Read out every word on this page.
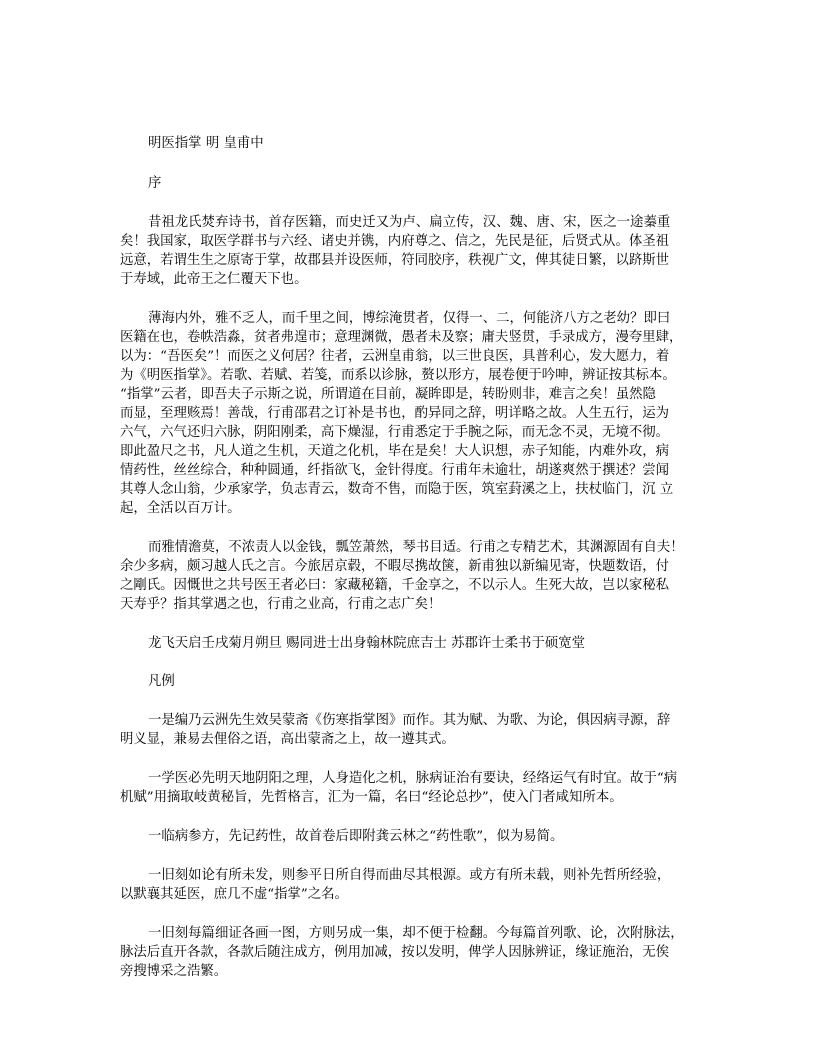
明医指掌 明 皇甫中

序

昔祖龙氏焚弃诗书，首存医籍，而史迁又为卢、扁立传，汉、魏、唐、宋，医之一途蓁重
矣！我国家，取医学群书与六经、诸史并镌，内府尊之、信之，先民是征，后贤式从。体圣祖
远意，若谓生生之原寄于掌，故郡县并设医师，符同胶序，秩视广文，俾其徒日繁，以跻斯世
于寿域，此帝王之仁覆天下也。
薄海内外，雅不乏人，而千里之间，博综淹贯者，仅得一、二，何能济八方之老幼？即曰
医籍在也，卷帙浩淼，贫者弗遑市；意理渊微，愚者未及察；庸夫竖贯，手录成方，漫夸里肆，
以为：“吾医矣”！而医之义何居？往者，云洲皇甫翁，以三世良医，具普利心，发大愿力，着
为《明医指掌》。若歌、若赋、若笺，而系以诊脉，赘以形方，展卷便于吟呻，辨证按其标本。
“指掌”云者，即吾夫子示斯之说，所谓道在目前，凝眸即是，转盼则非，难言之矣！虽然隐
而显，至理赅焉！善哉，行甫邵君之订补是书也，酌异同之辞，明详略之故。人生五行，运为
六气，六气还归六脉，阴阳刚柔，高下燥湿，行甫悉定于手腕之际，而无念不灵，无境不彻。
即此盈尺之书，凡人道之生机，天道之化机，毕在是矣！大人识想，赤子知能，内难外攻，病
情药性，丝丝综合，种种圆通，纤指欲飞，金针得度。行甫年未逾壮，胡遂爽然于撰述？尝闻
其尊人念山翁，少承家学，负志青云，数奇不售，而隐于医，筑室葑溪之上，扶杖临门，沉 立
起，全活以百万计。
而雅情澹莫，不浓责人以金钱，瓢笠萧然，琴书目适。行甫之专精艺术，其渊源固有自夫！
余少多病，颇习越人氏之言。今旅居京毂，不暇尽携故箧，新甫独以新编见寄，快题数语，付
之剛氏。因慨世之共号医王者必曰：家藏秘籍，千金享之，不以示人。生死大故，岂以家秘私
天寿乎？指其掌遇之也，行甫之业高，行甫之志广矣！

龙飞天启壬戌菊月朔旦 赐同进士出身翰林院庶吉士 苏郡许士柔书于硕宽堂

凡例

一是编乃云洲先生效吴蒙斋《伤寒指掌图》而作。其为赋、为歌、为论，俱因病寻源，辞
明义显，兼易去俚俗之语，高出蒙斋之上，故一遵其式。
一学医必先明天地阴阳之理，人身造化之机，脉病证治有要诀，经络运气有时宜。故于“病
机赋”用摘取岐黄秘旨，先哲格言，汇为一篇，名曰“经论总抄”，使入门者咸知所本。
一临病参方，先记药性，故首卷后即附龚云林之“药性歌”，似为易简。
一旧刻如论有所未发，则参平日所自得而曲尽其根源。或方有所未载，则补先哲所经验，
以默襄其延医，庶几不虚“指掌”之名。
一旧刻每篇细证各画一图，方则另成一集，却不便于检翻。今每篇首列歌、论，次附脉法，
脉法后直开各款，各款后随注成方，例用加减，按以发明，俾学人因脉辨证，缘证施治，无俟
旁搜博采之浩繁。
